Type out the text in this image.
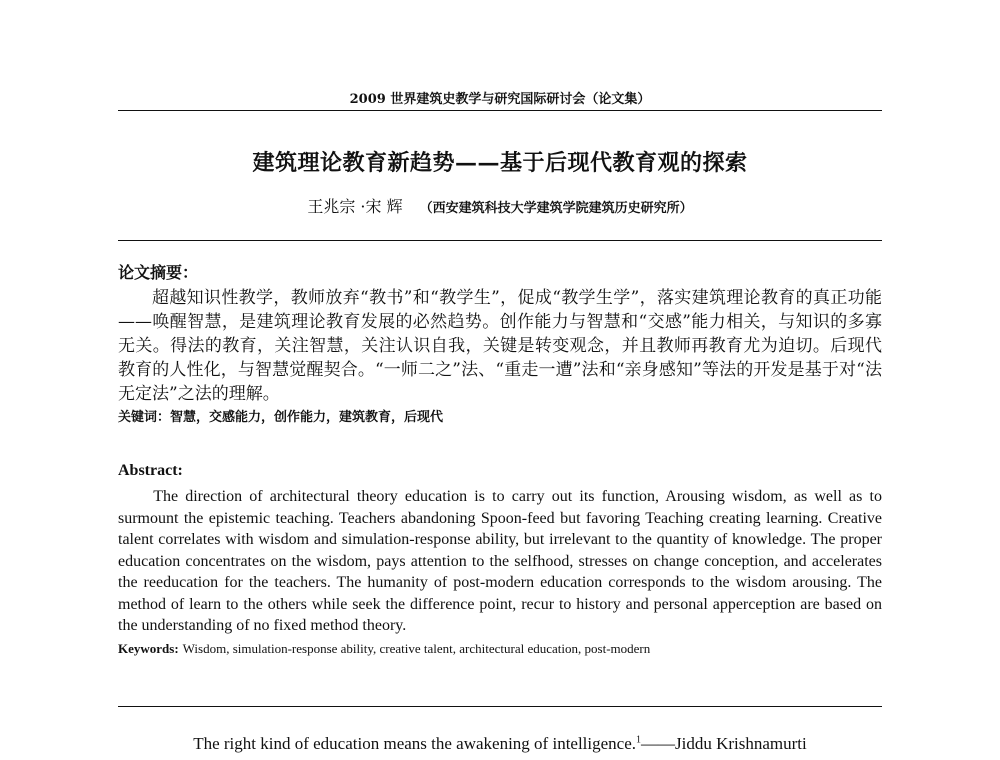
2009 世界建筑史教学与研究国际研讨会（论文集）
建筑理论教育新趋势——基于后现代教育观的探索
王兆宗 ·宋 辉 （西安建筑科技大学建筑学院建筑历史研究所）
论文摘要：

超越知识性教学，教师放弃“教书”和“教学生”，促成“教学生学”，落实建筑理论教育的真正功能——唤醒智慧，是建筑理论教育发展的必然趋势。创作能力与智慧和“交感”能力相关，与知识的多寡无关。得法的教育，关注智慧，关注认识自我，关键是转变观念，并且教师再教育尤为迫切。后现代教育的人性化，与智慧觉醒契合。“一师二之”法、“重走一遭”法和“亲身感知”等法的开发是基于对“法无定法”之法的理解。

关键词：智慧，交感能力，创作能力，建筑教育，后现代
Abstract:

The direction of architectural theory education is to carry out its function, Arousing wisdom, as well as to surmount the epistemic teaching. Teachers abandoning Spoon-feed but favoring Teaching creating learning. Creative talent correlates with wisdom and simulation-response ability, but irrelevant to the quantity of knowledge. The proper education concentrates on the wisdom, pays attention to the selfhood, stresses on change conception, and accelerates the reeducation for the teachers. The humanity of post-modern education corresponds to the wisdom arousing. The method of learn to the others while seek the difference point, recur to history and personal apperception are based on the understanding of no fixed method theory.

Keywords: Wisdom, simulation-response ability, creative talent, architectural education, post-modern
The right kind of education means the awakening of intelligence.$^1$——Jiddu Krishnamurti
